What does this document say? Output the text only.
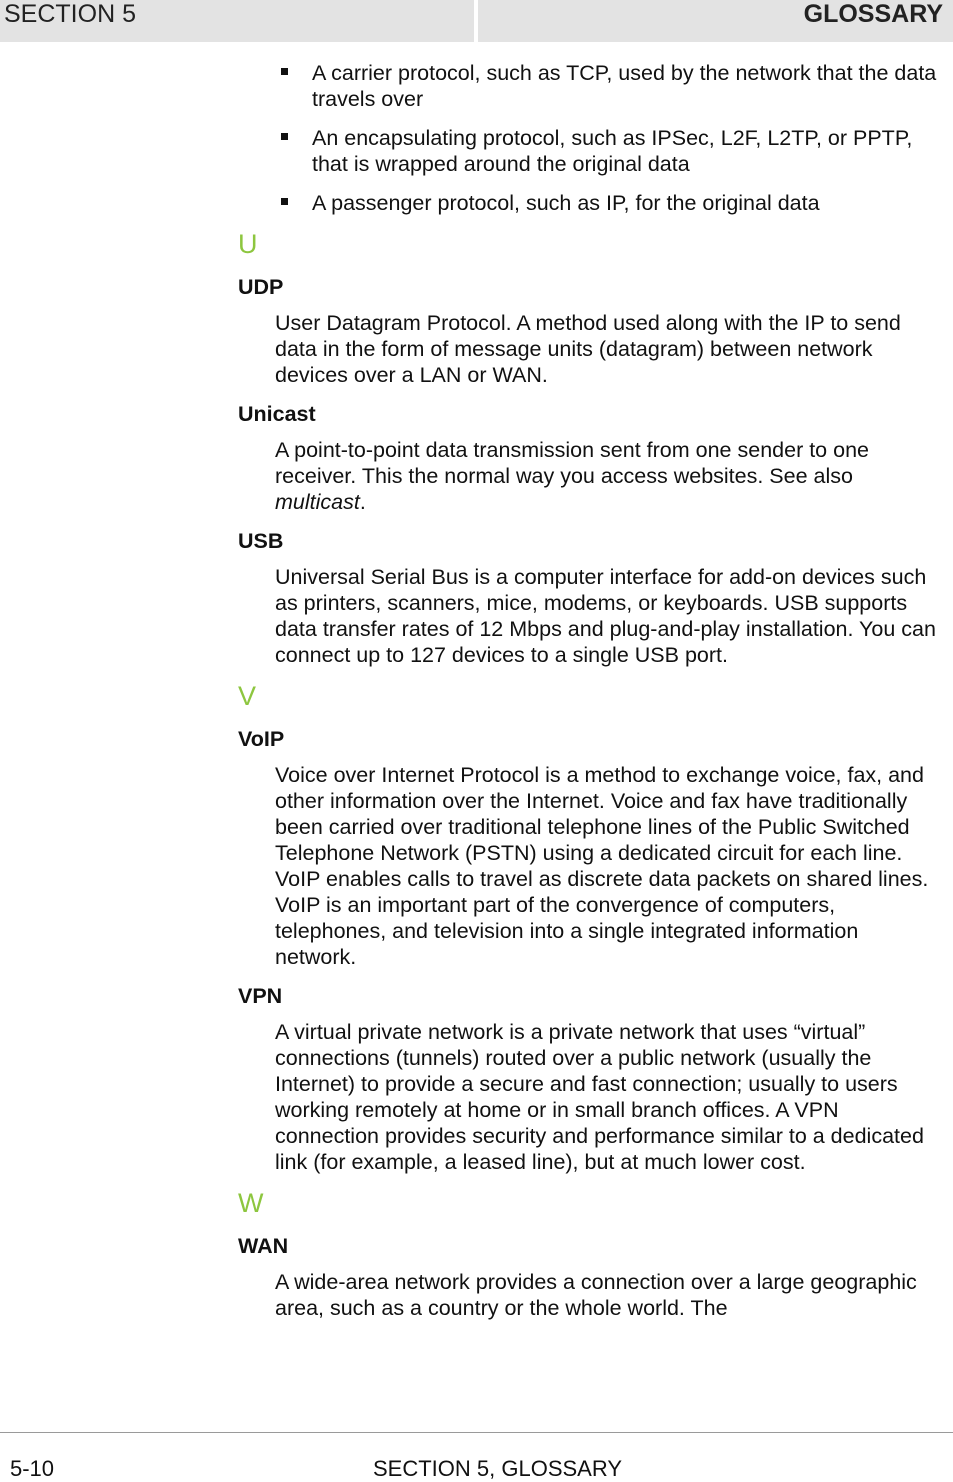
SECTION 5	GLOSSARY
A carrier protocol, such as TCP, used by the network that the data travels over
An encapsulating protocol, such as IPSec, L2F, L2TP, or PPTP, that is wrapped around the original data
A passenger protocol, such as IP, for the original data
U
UDP
User Datagram Protocol. A method used along with the IP to send data in the form of message units (datagram) between network devices over a LAN or WAN.
Unicast
A point-to-point data transmission sent from one sender to one receiver. This the normal way you access websites. See also multicast.
USB
Universal Serial Bus is a computer interface for add-on devices such as printers, scanners, mice, modems, or keyboards. USB supports data transfer rates of 12 Mbps and plug-and-play installation. You can connect up to 127 devices to a single USB port.
V
VoIP
Voice over Internet Protocol is a method to exchange voice, fax, and other information over the Internet. Voice and fax have traditionally been carried over traditional telephone lines of the Public Switched Telephone Network (PSTN) using a dedicated circuit for each line. VoIP enables calls to travel as discrete data packets on shared lines. VoIP is an important part of the convergence of computers, telephones, and television into a single integrated information network.
VPN
A virtual private network is a private network that uses “virtual” connections (tunnels) routed over a public network (usually the Internet) to provide a secure and fast connection; usually to users working remotely at home or in small branch offices. A VPN connection provides security and performance similar to a dedicated link (for example, a leased line), but at much lower cost.
W
WAN
A wide-area network provides a connection over a large geographic area, such as a country or the whole world. The
5-10	SECTION 5, GLOSSARY
